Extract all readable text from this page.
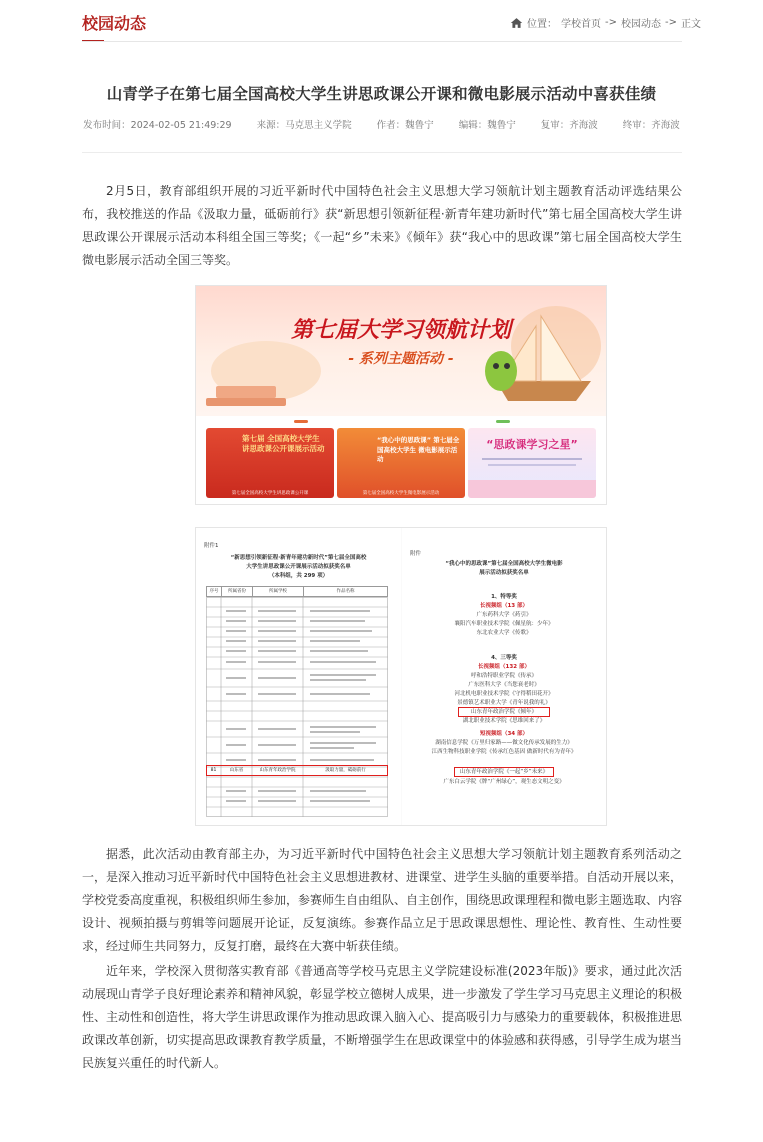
校园动态	位置： 学校首页 -> 校园动态 -> 正文
山青学子在第七届全国高校大学生讲思政课公开课和微电影展示活动中喜获佳绩
发布时间：2024-02-05 21:49:29	来源：马克思主义学院	作者：魏鲁宁	编辑：魏鲁宁	复审：齐海波	终审：齐海波
2月5日，教育部组织开展的习近平新时代中国特色社会主义思想大学习领航计划主题教育活动评选结果公布，我校推送的作品《汲取力量，砥砺前行》获“新思想引领新征程·新青年建功新时代”第七届全国高校大学生讲思政课公开课展示活动本科组全国三等奖；《一起“乡”未来》《倾年》获“我心中的思政课”第七届全国高校大学生微电影展示活动全国三等奖。
第七届大学习领航计划
- 系列主题活动 -
第七届 全国高校大学生 讲思政课公开课展示活动
第七届全国高校大学生讲思政课公开课
“我心中的思政课” 第七届全国高校大学生 微电影展示活动
第七届全国高校大学生微电影展示活动
“思政课学习之星”
附件1
“新思想引领新征程·新青年建功新时代”第七届全国高校
大学生讲思政课公开课展示活动拟获奖名单
（本科组，共 299 项）
序号	所属省份	所属学校	作品名称
81	山东省	山东青年政治学院	汲取力量，砥砺前行
附件
“我心中的思政课”第七届全国高校大学生微电影
展示活动拟获奖名单
1、特等奖
长视频组（13 部）
广东药科大学《药引》
襄阳汽车职业技术学院《佩星航：少年》
东北农业大学《传歌》
4、三等奖
长视频组（132 部）
呼和浩特职业学院《传承》
广东医科大学《当您衰老时》
河北机电职业技术学院《守得稻田花开》
景德镇艺术职业大学《青年说我的礼》
山东青年政治学院《倾年》
湖北职业技术学院《思维回来了》
短视频组（34 部）
湖南信息学院《万里归家路——做文化传承发展的生力》
江西生物科技职业学院《传承红色基因 做新时代有为青年》
山东青年政治学院《一起“乡”未来》
广东白云学院《牌“广州绿心”，观生态文明之变》
据悉，此次活动由教育部主办，为习近平新时代中国特色社会主义思想大学习领航计划主题教育系列活动之一，是深入推动习近平新时代中国特色社会主义思想进教材、进课堂、进学生头脑的重要举措。自活动开展以来，学校党委高度重视，积极组织师生参加，参赛师生自由组队、自主创作，围绕思政课理程和微电影主题选取、内容设计、视频拍摄与剪辑等问题展开论证，反复演练。参赛作品立足于思政课思想性、理论性、教育性、生动性要求，经过师生共同努力，反复打磨，最终在大赛中斩获佳绩。
近年来，学校深入贯彻落实教育部《普通高等学校马克思主义学院建设标准(2023年版)》要求，通过此次活动展现山青学子良好理论素养和精神风貌，彰显学校立德树人成果，进一步激发了学生学习马克思主义理论的积极性、主动性和创造性，将大学生讲思政课作为推动思政课入脑入心、提高吸引力与感染力的重要载体，积极推进思政课改革创新，切实提高思政课教育教学质量，不断增强学生在思政课堂中的体验感和获得感，引导学生成为堪当民族复兴重任的时代新人。
